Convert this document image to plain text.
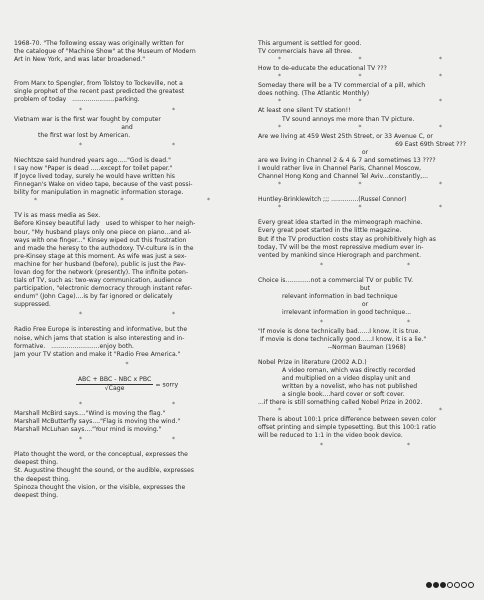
1968-70. "The following essay was originally written for
the catalogue of "Machine Show" at the Museum of Modern
Art in New York, and was later broadened."

From Marx to Spengler, from Tolstoy to Tockeville, not a
single prophet of the recent past predicted the greatest
problem of today   ......................parking.

*	*

Vietnam war is the first war fought by computer

and

the first war lost by American.

*	*

Niechtsze said hundred years ago....."God is dead."
I say now "Paper is dead .....except for toilet paper."
If Joyce lived today, surely he would have written his
Finnegan's Wake on video tape, because of the vast possi-
bility for manipulation in magnetic information storage.

*	*	*

TV is as mass media as Sex.
Before Kinsey beautiful lady   used to whisper to her neigh-
bour, "My husband plays only one piece on piano...and al-
ways with one finger..." Kinsey wiped out this frustration
and made the heresy to the authodoxy. TV-culture is in the
pre-Kinsey stage at this moment. As wife was just a sex-
machine for her husband (before), public is just the Pav-
lovan dog for the network (presently). The infinite poten-
tials of TV, such as: two-way communication, audience
participation, "electronic democracy through instant refer-
endum" (John Cage)....is by far ignored or delicately
suppressed.

*	*

Radio Free Europe is interesting and informative, but the
noise, which jams that station is also interesting and in-
formative.   .........................enjoy both.
Jam your TV station and make it "Radio Free America."

*
$\frac{\text{ABC + BBC - NBC x PBC}}{\text{√Cage}}$ = sorry
*	*

Marshall McBird says...."Wind is moving the flag."
Marshall McButterfly says...."Flag is moving the wind."
Marshall McLuhan says...."Your mind is moving."

*	*

Plato thought the word, or the conceptual, expresses the
deepest thing.
St. Augustine thought the sound, or the audible, expresses
the deepest thing.
Spinoza thought the vision, or the visible, expresses the
deepest thing.

This argument is settled for good.
TV commercials have all three.

*	*	*

How to de-educate the educational TV ???

*	*	*

Someday there will be a TV commercial of a pill, which
does nothing. (The Atlantic Monthly)

*	*	*

At least one silent TV station!!

TV sound annoys me more than TV picture.

*	*	*

Are we living at 459 West 25th Street, or 33 Avenue C, or

69 East 69th Street ???

or

are we living in Channel 2 & 4 & 7 and sometimes 13 ????

I would rather live in Channel Paris, Channel Moscow,
Channel Hong Kong and Channel Tel Aviv...constantly,...

*	*	*

Huntley-Brinklewitch ;;; ..............(Russel Connor)

*	*	*

Every great idea started in the mimeograph machine.
Every great poet started in the little magazine.
But if the TV production costs stay as prohibitively high as
today, TV will be the most repressive medium ever in-
vented by mankind since Hierograph and parchment.

*	*

Choice is.............not a commercial TV or public TV.

but

relevant information in bad technique

or

irrelevant information in good technique...

*	*

"If movie is done technically bad......I know, it is true.
If movie is done technically good......I know, it is a lie."
--Norman Bauman (1968)

Nobel Prize in literature (2002 A.D.)

A video roman, which was directly recorded
and multiplied on a video display unit and
written by a novelist, who has not published
a single book....hard cover or soft cover.

...if there is still something called Nobel Prize in 2002.

*	*	*

There is about 100:1 price difference between seven color
offset printing and simple typesetting. But this 100:1 ratio
will be reduced to 1:1 in the video book device.

*	*
